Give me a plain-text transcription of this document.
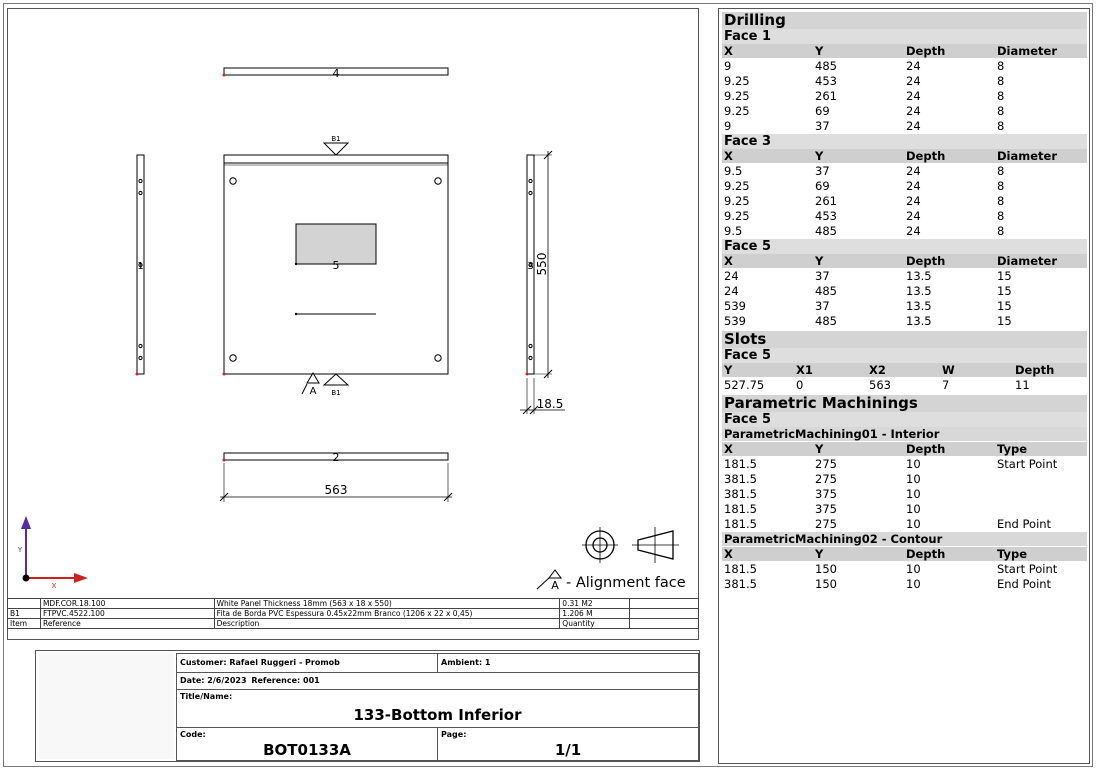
4
B1
5
A B1
1	3 550
18.5
2
563
Y
X	A - Alignment face
	MDF.COR.18.100	White Panel Thickness 18mm (563 x 18 x 550)	0.31 M2	
B1	FTPVC.4522.100	Fita de Borda PVC Espessura 0.45x22mm Branco (1206 x 22 x 0,45)	1.206 M	
Item	Reference	Description	Quantity	
Customer: Rafael Ruggeri - Promob	Ambient: 1
Date: 2/6/2023 Reference: 001
Title/Name:
133-Bottom Inferior
Code:
BOT0133A
Page:
1/1
Drilling
Face 1
X	Y	Depth	Diameter
9	485	24	8
9.25	453	24	8
9.25	261	24	8
9.25	69	24	8
9	37	24	8
Face 3
X	Y	Depth	Diameter
9.5	37	24	8
9.25	69	24	8
9.25	261	24	8
9.25	453	24	8
9.5	485	24	8
Face 5
X	Y	Depth	Diameter
24	37	13.5	15
24	485	13.5	15
539	37	13.5	15
539	485	13.5	15
Slots
Face 5
Y	X1	X2	W	Depth
527.75	0	563	7	11
Parametric Machinings
Face 5
ParametricMachining01 - Interior
X	Y	Depth	Type
181.5	275	10	Start Point
381.5	275	10
381.5	375	10
181.5	375	10
181.5	275	10	End Point
ParametricMachining02 - Contour
X	Y	Depth	Type
181.5	150	10	Start Point
381.5	150	10	End Point
